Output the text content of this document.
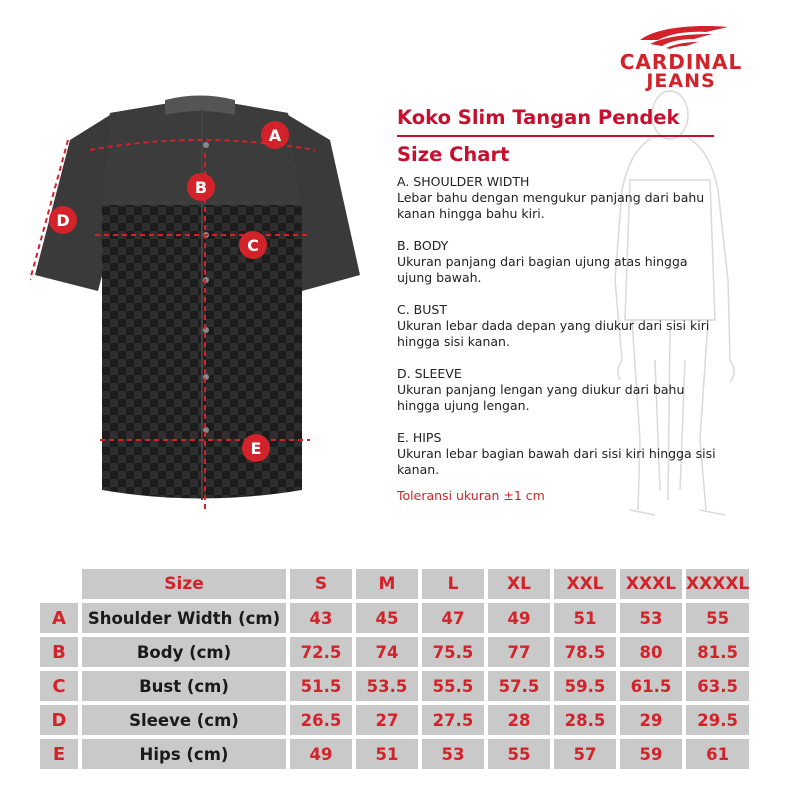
CARDINAL
JEANS
A
B
C
D
E
Koko Slim Tangan Pendek
Size Chart
A. SHOULDER WIDTH
Lebar bahu dengan mengukur panjang dari bahu kanan hingga bahu kiri.
B. BODY
Ukuran panjang dari bagian ujung atas hingga ujung bawah.
C. BUST
Ukuran lebar dada depan yang diukur dari sisi kiri hingga sisi kanan.
D. SLEEVE
Ukuran panjang lengan yang diukur dari bahu hingga ujung lengan.
E. HIPS
Ukuran lebar bagian bawah dari sisi kiri hingga sisi kanan.
Toleransi ukuran ±1 cm
	Size	S	M	L	XL	XXL	XXXL	XXXXL
A	Shoulder Width (cm)	43	45	47	49	51	53	55
B	Body (cm)	72.5	74	75.5	77	78.5	80	81.5
C	Bust (cm)	51.5	53.5	55.5	57.5	59.5	61.5	63.5
D	Sleeve (cm)	26.5	27	27.5	28	28.5	29	29.5
E	Hips (cm)	49	51	53	55	57	59	61
